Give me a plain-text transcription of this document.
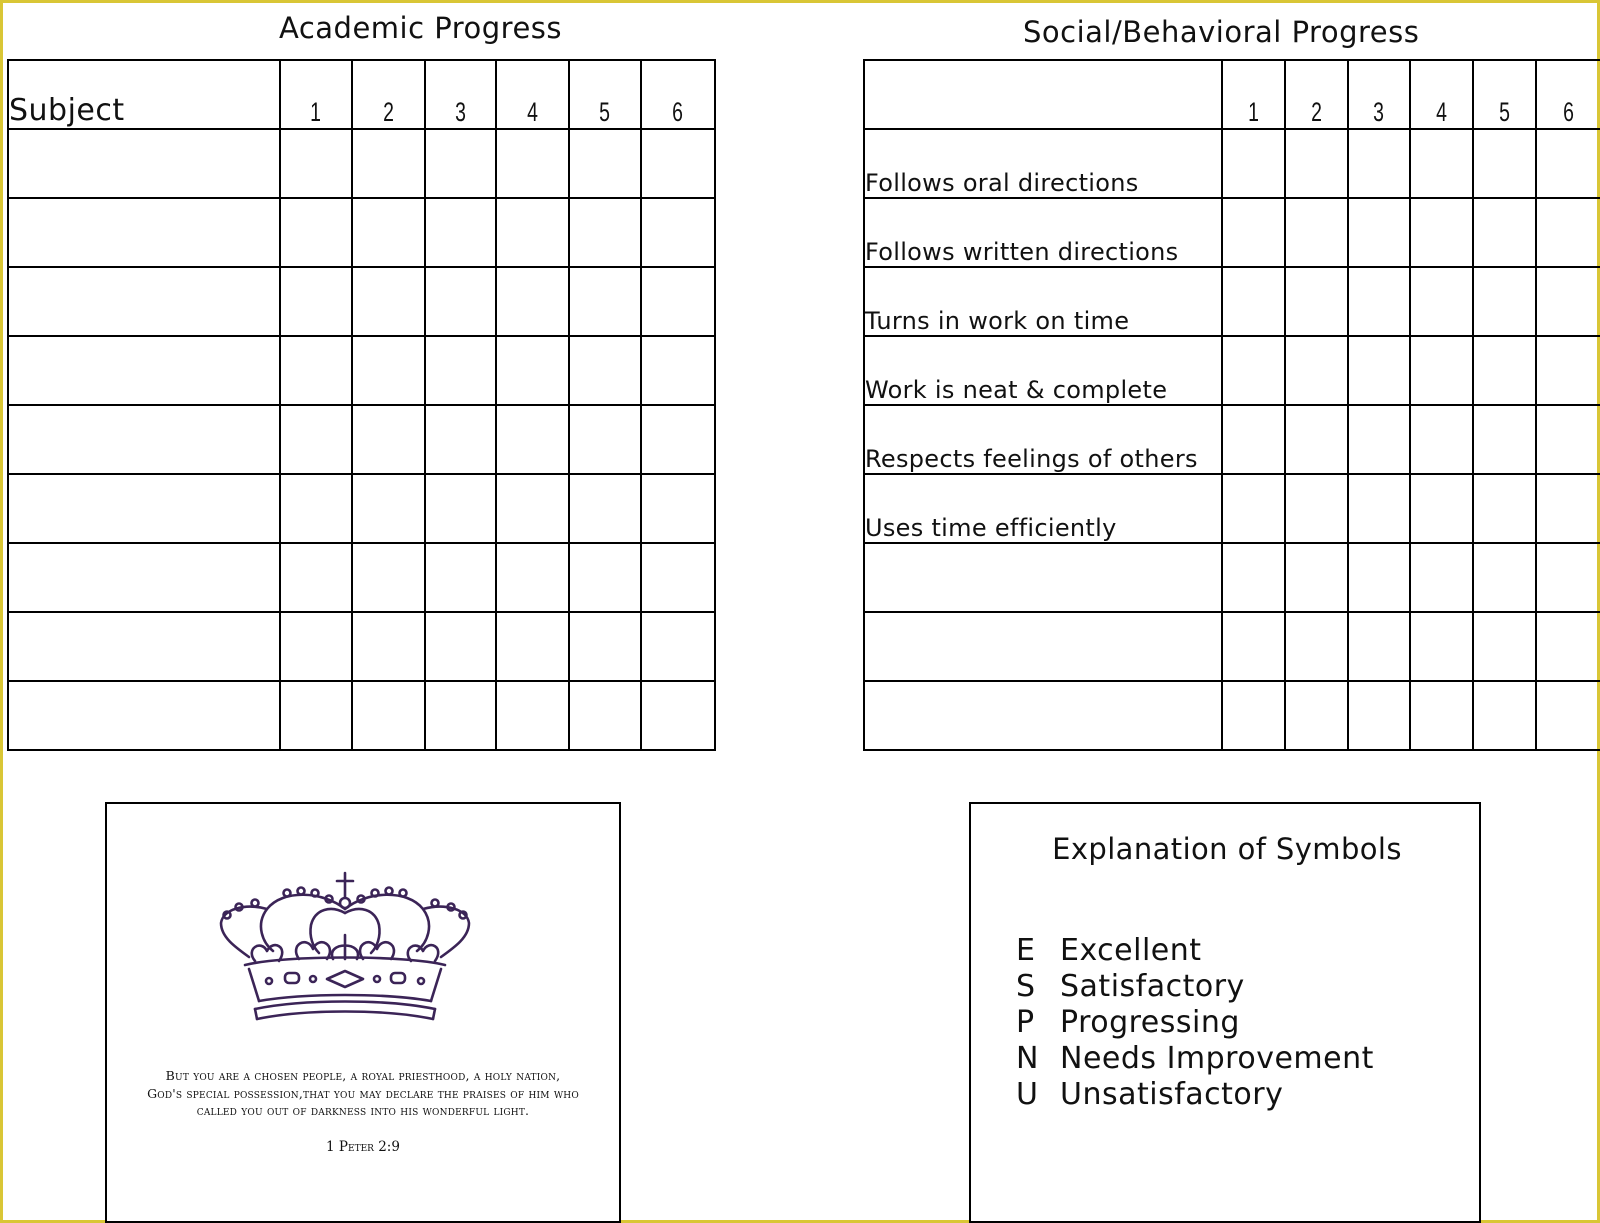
Academic Progress
Subject	1	2	3	4	5	6

Social/Behavioral Progress
	1	2	3	4	5	6
Follows oral directions						
Follows written directions						
Turns in work on time						
Work is neat & complete						
Respects feelings of others						
Uses time efficiently						

But you are a chosen people, a royal priesthood, a holy nation,
God's special possession,that you may declare the praises of him who
called you out of darkness into his wonderful light.
1 Peter 2:9
Explanation of Symbols
E Excellent
S Satisfactory
P Progressing
N Needs Improvement
U Unsatisfactory
